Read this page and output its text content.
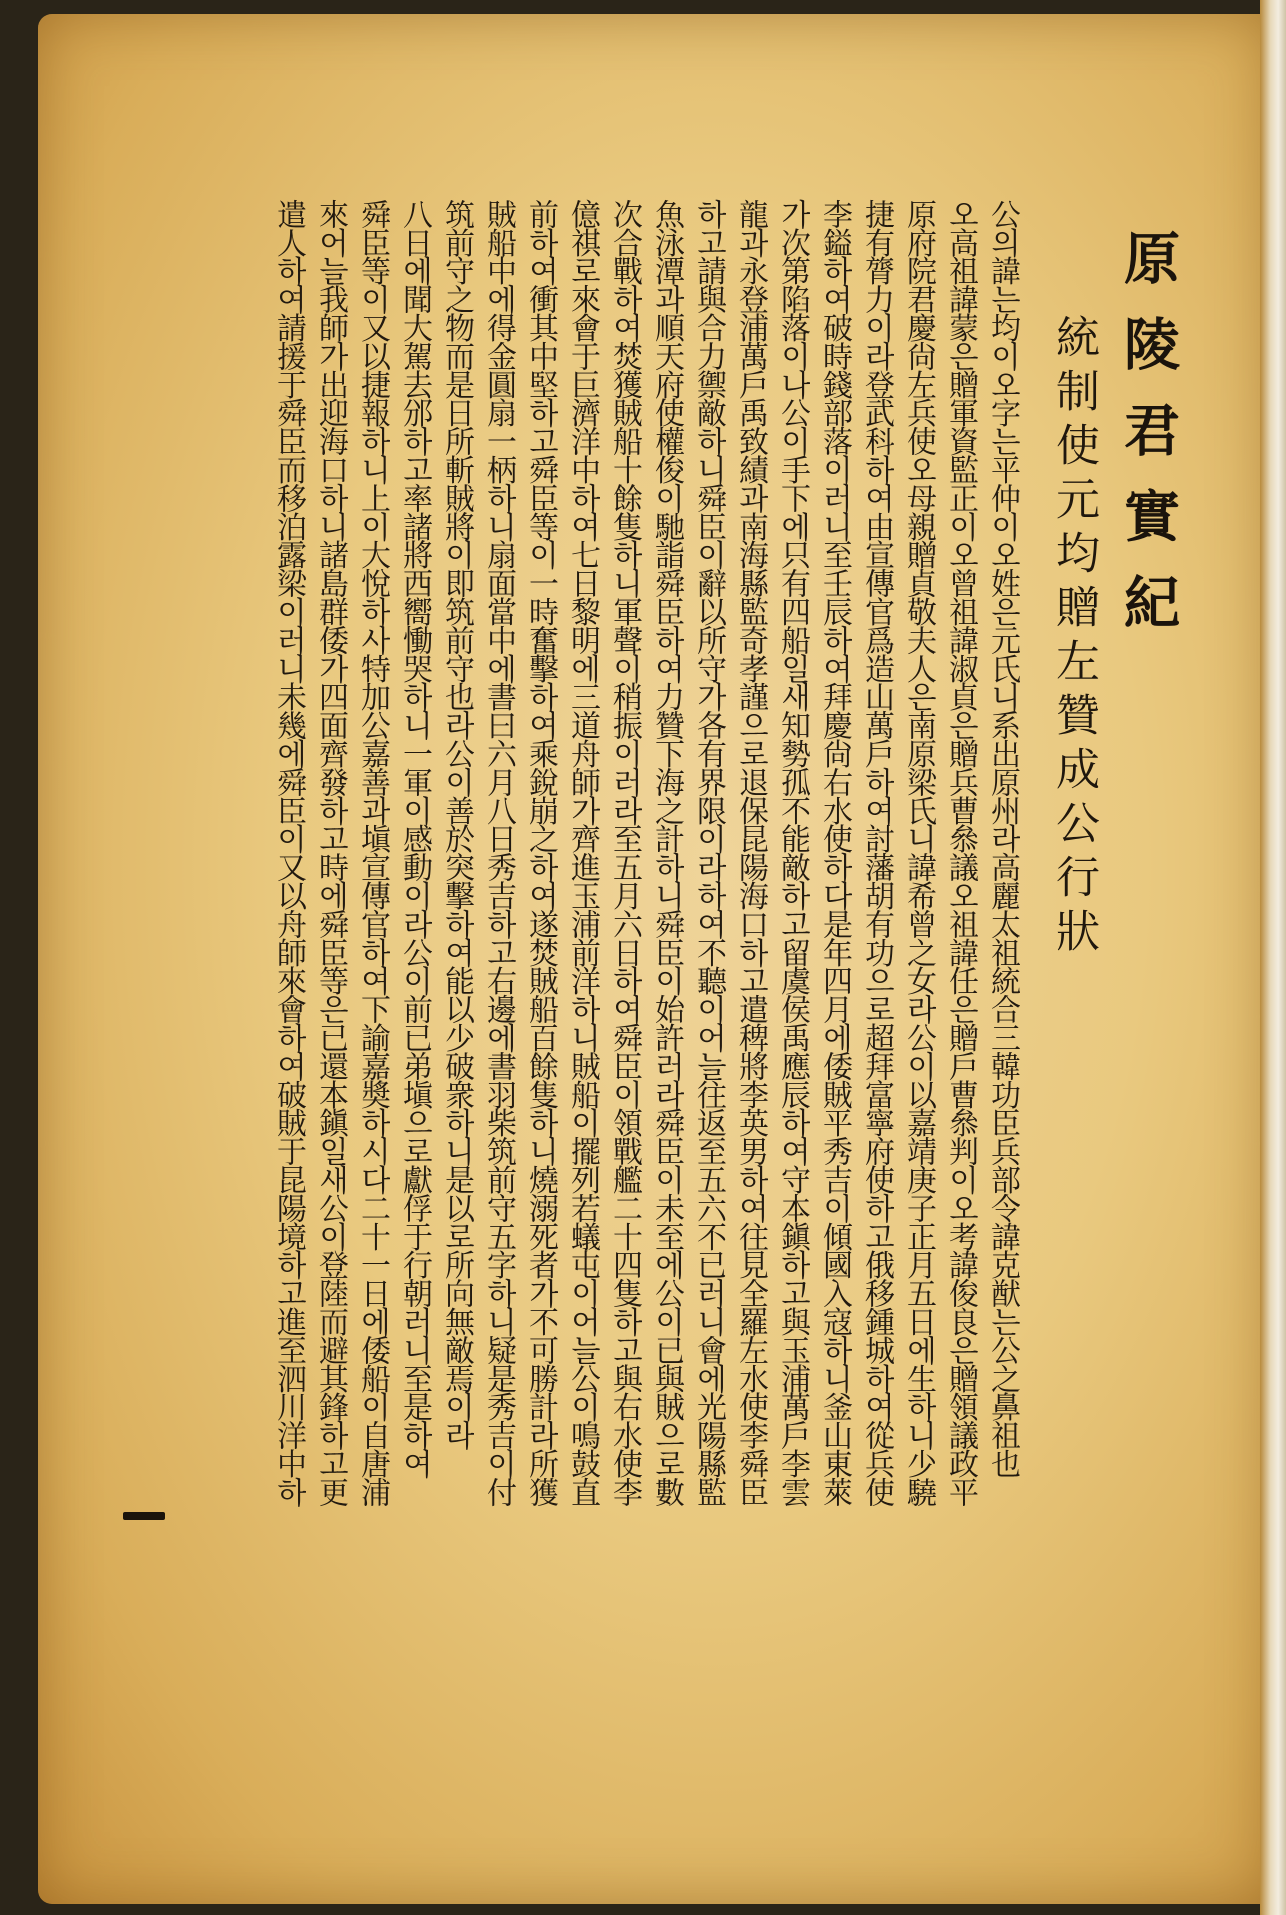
原陵君實紀
統制使元均贈左贊成公行狀
公의諱는均이오字는平仲이오姓은元氏니系出原州라高麗太祖統合三韓功臣兵部令諱克猷는公之鼻祖也
오高祖諱蒙은贈軍資監正이오曾祖諱淑貞은贈兵曹叅議오祖諱任은贈戶曹叅判이오考諱俊良은贈領議政平
原府院君慶尙左兵使오母親贈貞敬夫人은南原梁氏니諱希曾之女라公이以嘉靖庚子正月五日에生하니少驍
捷有膂力이라登武科하여由宣傳官爲造山萬戶하여討藩胡有功으로超拜富寧府使하고俄移鍾城하여從兵使
李鎰하여破時錢部落이러니至壬辰하여拜慶尙右水使하다是年四月에倭賊平秀吉이傾國入寇하니釜山東萊
가次第陷落이나公이手下에只有四船일새知勢孤不能敵하고留虞侯禹應辰하여守本鎭하고與玉浦萬戶李雲
龍과永登浦萬戶禹致績과南海縣監奇孝謹으로退保昆陽海口하고遣稗將李英男하여往見全羅左水使李舜臣
하고請與合力禦敵하니舜臣이辭以所守가各有界限이라하여不聽이어늘往返至五六不已러니會에光陽縣監
魚泳潭과順天府使權俊이馳詣舜臣하여力贊下海之計하니舜臣이始許러라舜臣이未至에公이已與賊으로數
次合戰하여焚獲賊船十餘隻하니軍聲이稍振이러라至五月六日하여舜臣이領戰艦二十四隻하고與右水使李
億祺로來會于巨濟洋中하여七日黎明에三道舟師가齊進玉浦前洋하니賊船이擺列若蟻屯이어늘公이鳴鼓直
前하여衝其中堅하고舜臣等이一時奮擊하여乘銳崩之하여遂焚賊船百餘隻하니燒溺死者가不可勝計라所獲
賊船中에得金圓扇一柄하니扇面當中에書曰六月八日秀吉하고右邊에書羽柴筑前守五字하니疑是秀吉이付
筑前守之物而是日所斬賊將이即筑前守也라公이善於突擊하여能以少破衆하니是以로所向無敵焉이라
八日에聞大駕去邠하고率諸將西嚮慟哭하니一軍이感動이라公이前已弟塡으로獻俘于行朝러니至是하여
舜臣等이又以捷報하니上이大悅하사特加公嘉善과塡宣傳官하여下諭嘉奬하시다二十一日에倭船이自唐浦
來어늘我師가出迎海口하니諸島群倭가四面齊發하고時에舜臣等은已還本鎭일새公이登陸而避其鋒하고更
遣人하여請援于舜臣而移泊露梁이러니未幾에舜臣이又以舟師來會하여破賊于昆陽境하고進至泗川洋中하
